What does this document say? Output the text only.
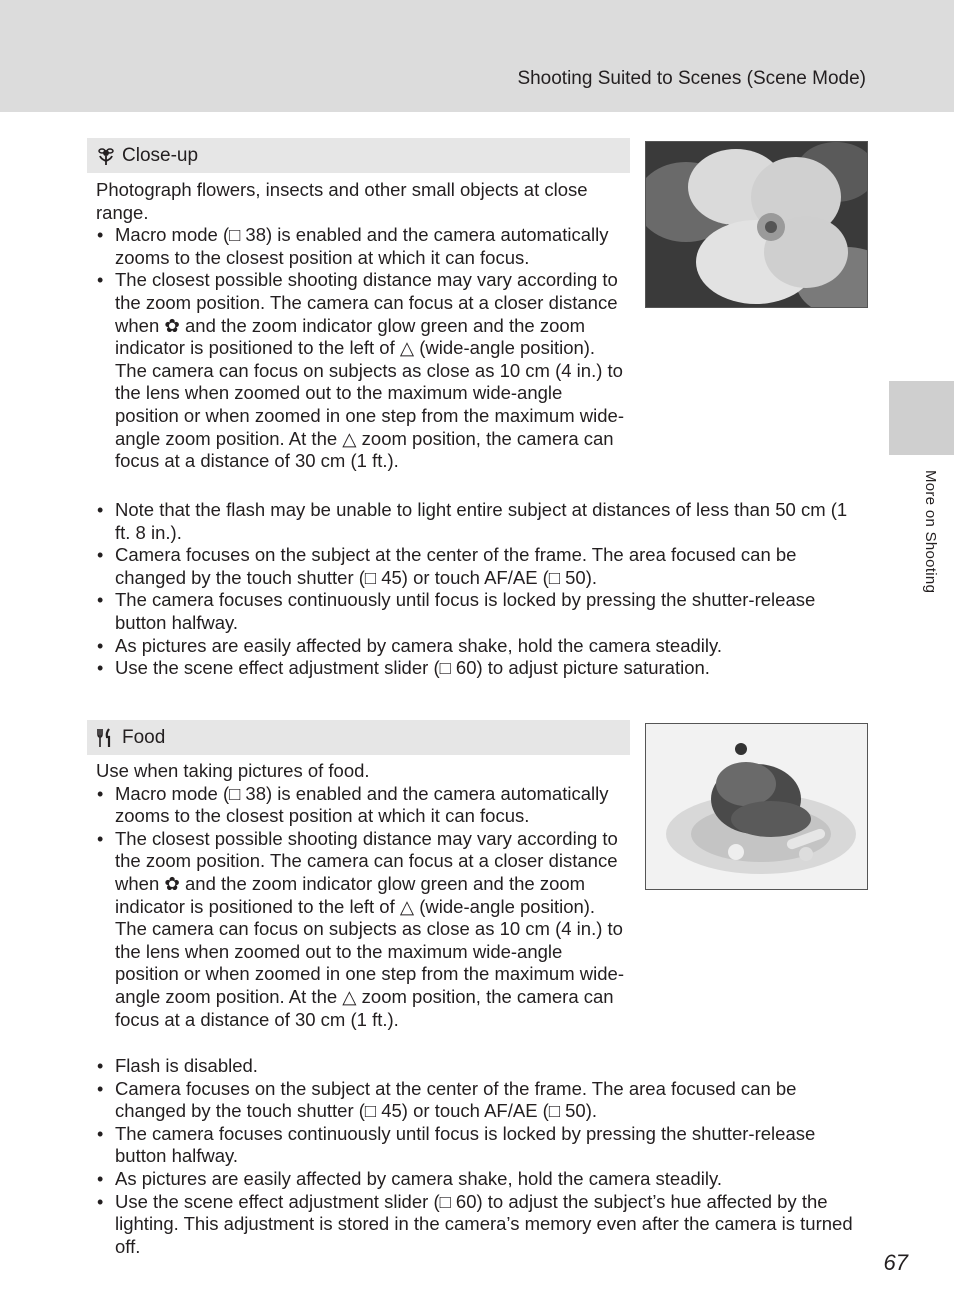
Shooting Suited to Scenes (Scene Mode)
More on Shooting
Close-up

Photograph flowers, insects and other small objects at close range.

• Macro mode (□ 38) is enabled and the camera automatically zooms to the closest position at which it can focus.
• The closest possible shooting distance may vary according to the zoom position. The camera can focus at a closer distance when ✿ and the zoom indicator glow green and the zoom indicator is positioned to the left of △ (wide-angle position). The camera can focus on subjects as close as 10 cm (4 in.) to the lens when zoomed out to the maximum wide-angle position or when zoomed in one step from the maximum wide-angle zoom position. At the △ zoom position, the camera can focus at a distance of 30 cm (1 ft.).
• Note that the flash may be unable to light entire subject at distances of less than 50 cm (1 ft. 8 in.).
• Camera focuses on the subject at the center of the frame. The area focused can be changed by the touch shutter (□ 45) or touch AF/AE (□ 50).
• The camera focuses continuously until focus is locked by pressing the shutter-release button halfway.
• As pictures are easily affected by camera shake, hold the camera steadily.
• Use the scene effect adjustment slider (□ 60) to adjust picture saturation.
Food

Use when taking pictures of food.

• Macro mode (□ 38) is enabled and the camera automatically zooms to the closest position at which it can focus.
• The closest possible shooting distance may vary according to the zoom position. The camera can focus at a closer distance when ✿ and the zoom indicator glow green and the zoom indicator is positioned to the left of △ (wide-angle position). The camera can focus on subjects as close as 10 cm (4 in.) to the lens when zoomed out to the maximum wide-angle position or when zoomed in one step from the maximum wide-angle zoom position. At the △ zoom position, the camera can focus at a distance of 30 cm (1 ft.).
• Flash is disabled.
• Camera focuses on the subject at the center of the frame. The area focused can be changed by the touch shutter (□ 45) or touch AF/AE (□ 50).
• The camera focuses continuously until focus is locked by pressing the shutter-release button halfway.
• As pictures are easily affected by camera shake, hold the camera steadily.
• Use the scene effect adjustment slider (□ 60) to adjust the subject’s hue affected by the lighting. This adjustment is stored in the camera’s memory even after the camera is turned off.
67
